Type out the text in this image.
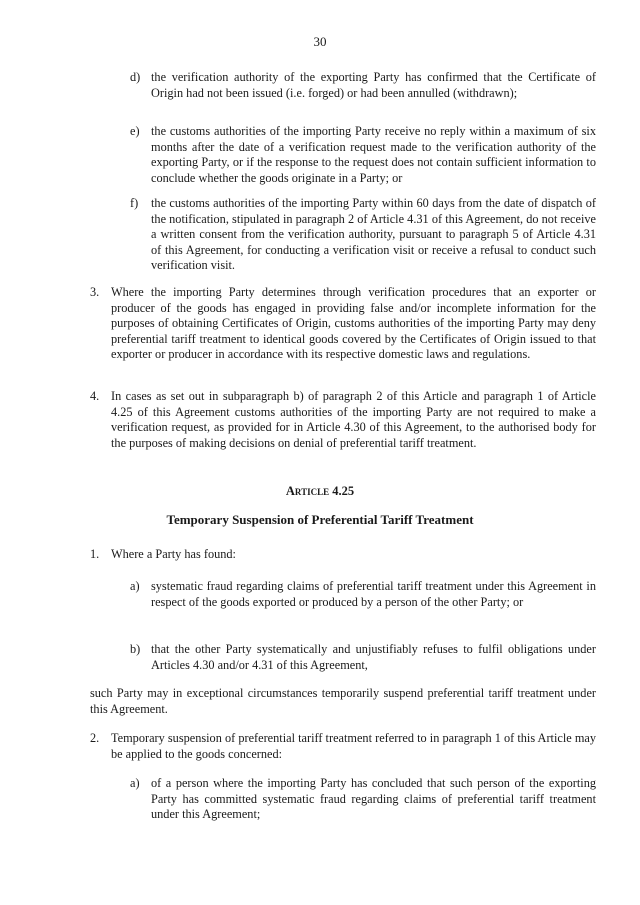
30
d) the verification authority of the exporting Party has confirmed that the Certificate of Origin had not been issued (i.e. forged) or had been annulled (withdrawn);

e) the customs authorities of the importing Party receive no reply within a maximum of six months after the date of a verification request made to the verification authority of the exporting Party, or if the response to the request does not contain sufficient information to conclude whether the goods originate in a Party; or

f) the customs authorities of the importing Party within 60 days from the date of dispatch of the notification, stipulated in paragraph 2 of Article 4.31 of this Agreement, do not receive a written consent from the verification authority, pursuant to paragraph 5 of Article 4.31 of this Agreement, for conducting a verification visit or receive a refusal to conduct such verification visit.

3. Where the importing Party determines through verification procedures that an exporter or producer of the goods has engaged in providing false and/or incomplete information for the purposes of obtaining Certificates of Origin, customs authorities of the importing Party may deny preferential tariff treatment to identical goods covered by the Certificates of Origin issued to that exporter or producer in accordance with its respective domestic laws and regulations.

4. In cases as set out in subparagraph b) of paragraph 2 of this Article and paragraph 1 of Article 4.25 of this Agreement customs authorities of the importing Party are not required to make a verification request, as provided for in Article 4.30 of this Agreement, to the authorised body for the purposes of making decisions on denial of preferential tariff treatment.

Article 4.25
Temporary Suspension of Preferential Tariff Treatment
1. Where a Party has found:

a) systematic fraud regarding claims of preferential tariff treatment under this Agreement in respect of the goods exported or produced by a person of the other Party; or

b) that the other Party systematically and unjustifiably refuses to fulfil obligations under Articles 4.30 and/or 4.31 of this Agreement,

such Party may in exceptional circumstances temporarily suspend preferential tariff treatment under this Agreement.

2. Temporary suspension of preferential tariff treatment referred to in paragraph 1 of this Article may be applied to the goods concerned:

a) of a person where the importing Party has concluded that such person of the exporting Party has committed systematic fraud regarding claims of preferential tariff treatment under this Agreement;
